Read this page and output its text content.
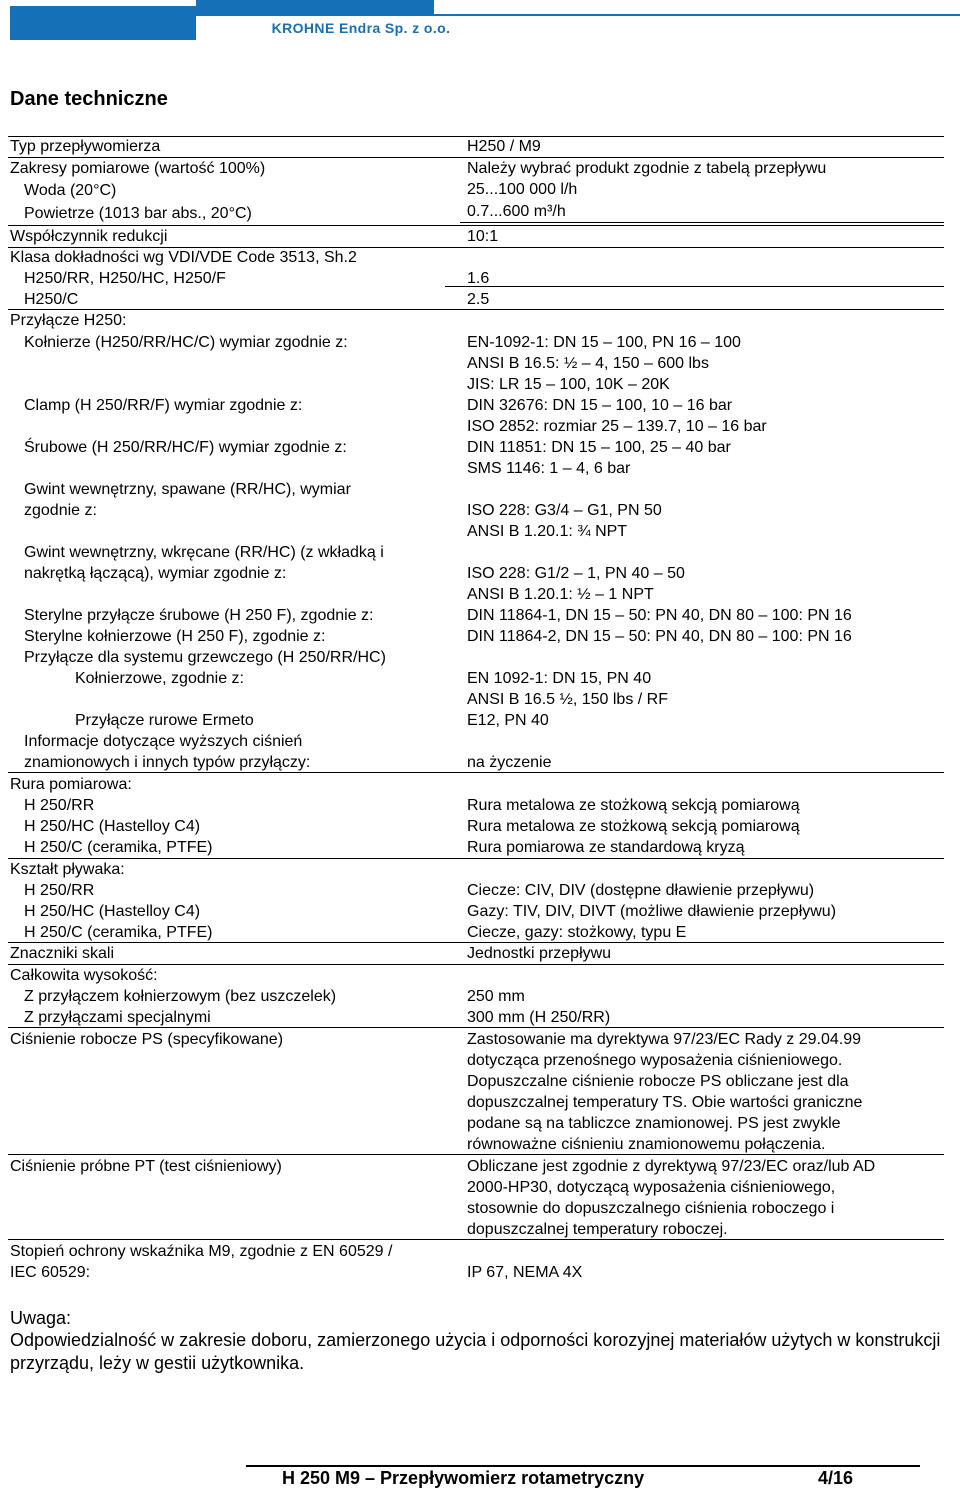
KROHNE Endra Sp. z o.o.
Dane techniczne
Typ przepływomierza	H250 / M9
Zakresy pomiarowe (wartość 100%)	Należy wybrać produkt zgodnie z tabelą przepływu
Woda (20°C)	25...100 000 l/h
Powietrze (1013 bar abs., 20°C)	0.7...600 m³/h
Współczynnik redukcji	10:1
Klasa dokładności wg VDI/VDE Code 3513, Sh.2
H250/RR, H250/HC, H250/F	1.6
H250/C	2.5
Przyłącze H250:
Kołnierze (H250/RR/HC/C) wymiar zgodnie z:	EN-1092-1: DN 15 – 100, PN 16 – 100
ANSI B 16.5: ½ – 4, 150 – 600 lbs
JIS: LR 15 – 100, 10K – 20K
Clamp (H 250/RR/F) wymiar zgodnie z:	DIN 32676: DN 15 – 100, 10 – 16 bar
ISO 2852: rozmiar 25 – 139.7, 10 – 16 bar
Śrubowe (H 250/RR/HC/F) wymiar zgodnie z:	DIN 11851: DN 15 – 100, 25 – 40 bar
SMS 1146: 1 – 4, 6 bar
Gwint wewnętrzny, spawane (RR/HC), wymiar
zgodnie z:	ISO 228: G3/4 – G1, PN 50
ANSI B 1.20.1: ¾ NPT
Gwint wewnętrzny, wkręcane (RR/HC) (z wkładką i
nakrętką łączącą), wymiar zgodnie z:	ISO 228: G1/2 – 1, PN 40 – 50
ANSI B 1.20.1: ½ – 1 NPT
Sterylne przyłącze śrubowe (H 250 F), zgodnie z:	DIN 11864-1, DN 15 – 50: PN 40, DN 80 – 100: PN 16
Sterylne kołnierzowe (H 250 F), zgodnie z:	DIN 11864-2, DN 15 – 50: PN 40, DN 80 – 100: PN 16
Przyłącze dla systemu grzewczego (H 250/RR/HC)
Kołnierzowe, zgodnie z:	EN 1092-1: DN 15, PN 40
ANSI B 16.5 ½, 150 lbs / RF
Przyłącze rurowe Ermeto	E12, PN 40
Informacje dotyczące wyższych ciśnień
znamionowych i innych typów przyłączy:	na życzenie
Rura pomiarowa:
H 250/RR	Rura metalowa ze stożkową sekcją pomiarową
H 250/HC (Hastelloy C4)	Rura metalowa ze stożkową sekcją pomiarową
H 250/C (ceramika, PTFE)	Rura pomiarowa ze standardową kryzą
Kształt pływaka:
H 250/RR	Ciecze: CIV, DIV (dostępne dławienie przepływu)
H 250/HC (Hastelloy C4)	Gazy: TIV, DIV, DIVT (możliwe dławienie przepływu)
H 250/C (ceramika, PTFE)	Ciecze, gazy: stożkowy, typu E
Znaczniki skali	Jednostki przepływu
Całkowita wysokość:
Z przyłączem kołnierzowym (bez uszczelek)	250 mm
Z przyłączami specjalnymi	300 mm (H 250/RR)
Ciśnienie robocze PS (specyfikowane)	Zastosowanie ma dyrektywa 97/23/EC Rady z 29.04.99
dotycząca przenośnego wyposażenia ciśnieniowego.
Dopuszczalne ciśnienie robocze PS obliczane jest dla
dopuszczalnej temperatury TS. Obie wartości graniczne
podane są na tabliczce znamionowej. PS jest zwykle
równoważne ciśnieniu znamionowemu połączenia.
Ciśnienie próbne PT (test ciśnieniowy)	Obliczane jest zgodnie z dyrektywą 97/23/EC oraz/lub AD
2000-HP30, dotyczącą wyposażenia ciśnieniowego,
stosownie do dopuszczalnego ciśnienia roboczego i
dopuszczalnej temperatury roboczej.
Stopień ochrony wskaźnika M9, zgodnie z EN 60529 /
IEC 60529:	IP 67, NEMA 4X
Uwaga:
Odpowiedzialność w zakresie doboru, zamierzonego użycia i odporności korozyjnej materiałów użytych w konstrukcji przyrządu, leży w gestii użytkownika.
H 250 M9 – Przepływomierz rotametryczny	4/16
